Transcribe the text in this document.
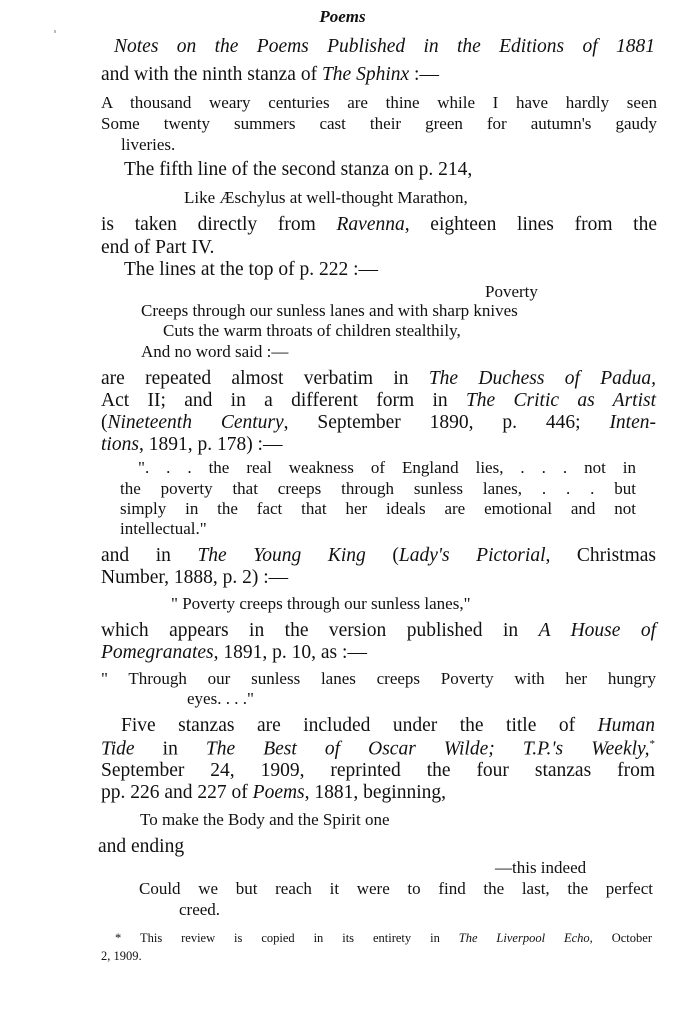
Poems
Notes on the Poems Published in the Editions of 1881
and with the ninth stanza of The Sphinx :—
A thousand weary centuries are thine while I have hardly seen
Some twenty summers cast their green for autumn's gaudy
liveries.
The fifth line of the second stanza on p. 214,
Like Æschylus at well-thought Marathon,
is taken directly from Ravenna, eighteen lines from the
end of Part IV.
The lines at the top of p. 222 :—
Poverty
Creeps through our sunless lanes and with sharp knives
Cuts the warm throats of children stealthily,
And no word said :—
are repeated almost verbatim in The Duchess of Padua,
Act II; and in a different form in The Critic as Artist
(Nineteenth Century, September 1890, p. 446; Inten-
tions, 1891, p. 178) :—
". . . the real weakness of England lies, . . . not in
the poverty that creeps through sunless lanes, . . . but
simply in the fact that her ideals are emotional and not
intellectual."
and in The Young King (Lady's Pictorial, Christmas
Number, 1888, p. 2) :—
" Poverty creeps through our sunless lanes,"
which appears in the version published in A House of
Pomegranates, 1891, p. 10, as :—
" Through our sunless lanes creeps Poverty with her hungry
eyes. . . ."
Five stanzas are included under the title of Human
Tide in The Best of Oscar Wilde; T.P.'s Weekly,*
September 24, 1909, reprinted the four stanzas from
pp. 226 and 227 of Poems, 1881, beginning,
To make the Body and the Spirit one
and ending
—this indeed
Could we but reach it were to find the last, the perfect
creed.
* This review is copied in its entirety in The Liverpool Echo, October
2, 1909.
